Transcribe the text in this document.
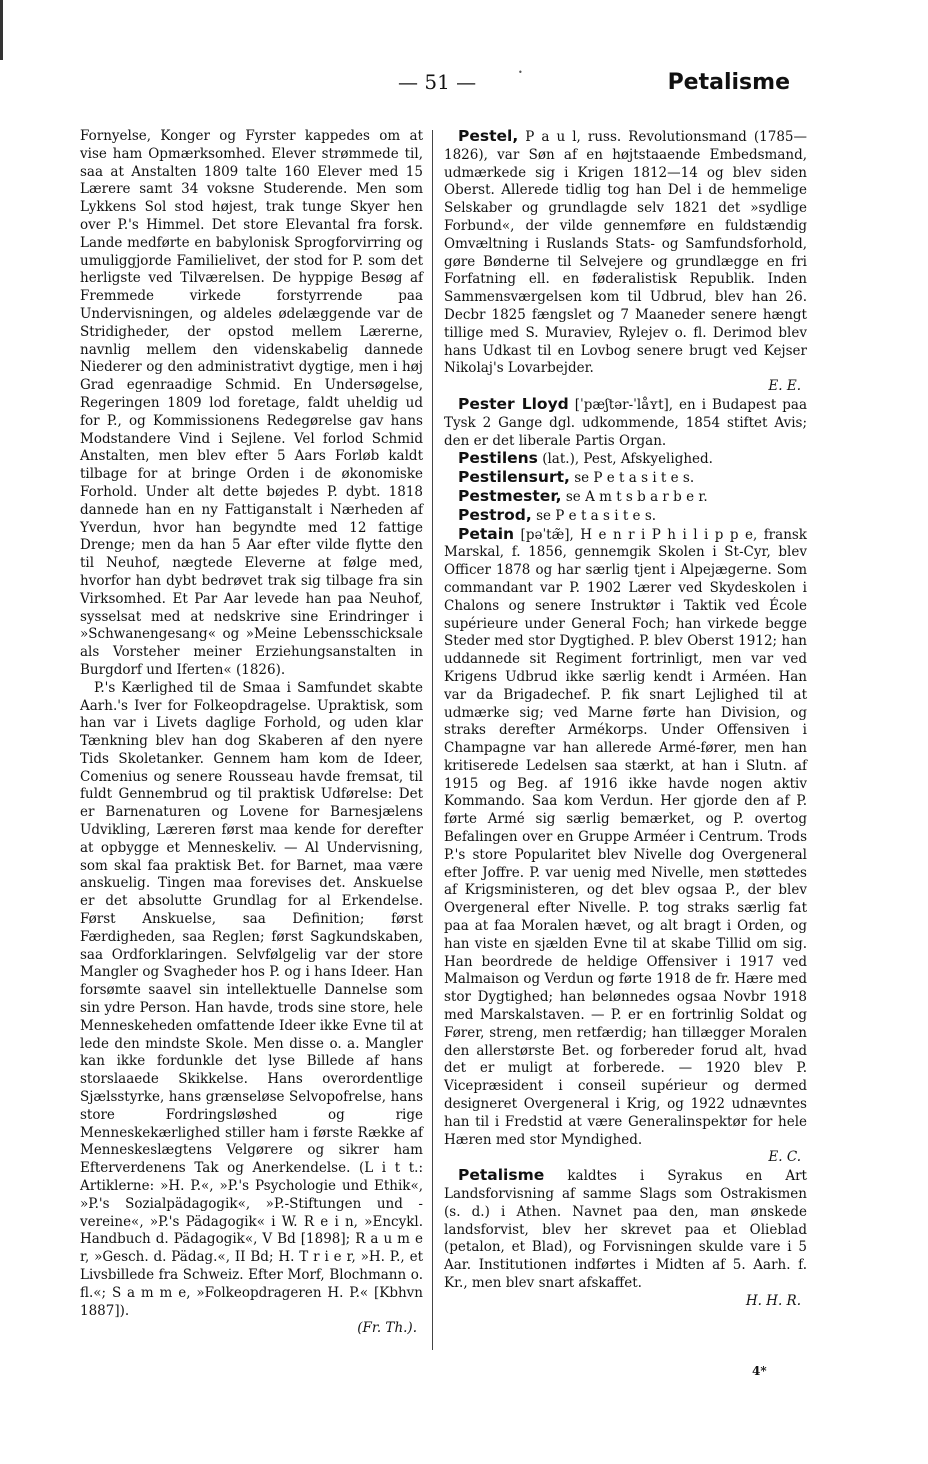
•
— 51 —	Petalisme

Fornyelse, Konger og Fyrster kappedes om at vise ham Opmærksomhed. Elever strømmede til, saa at Anstalten 1809 talte 160 Elever med 15 Lærere samt 34 voksne Studerende. Men som Lykkens Sol stod højest, trak tunge Skyer hen over P.'s Himmel. Det store Elevantal fra forsk. Lande medførte en babylonisk Sprogforvirring og umuliggjorde Familielivet, der stod for P. som det herligste ved Tilværelsen. De hyppige Besøg af Fremmede virkede forstyrrende paa Undervisningen, og aldeles ødelæggende var de Stridigheder, der opstod mellem Lærerne, navnlig mellem den videnskabelig dannede Niederer og den administrativt dygtige, men i høj Grad egenraadige Schmid. En Undersøgelse, Regeringen 1809 lod foretage, faldt uheldig ud for P., og Kommissionens Redegørelse gav hans Modstandere Vind i Sejlene. Vel forlod Schmid Anstalten, men blev efter 5 Aars Forløb kaldt tilbage for at bringe Orden i de økonomiske Forhold. Under alt dette bøjedes P. dybt. 1818 dannede han en ny Fattiganstalt i Nærheden af Yverdun, hvor han begyndte med 12 fattige Drenge; men da han 5 Aar efter vilde flytte den til Neuhof, nægtede Eleverne at følge med, hvorfor han dybt bedrøvet trak sig tilbage fra sin Virksomhed. Et Par Aar levede han paa Neuhof, sysselsat med at nedskrive sine Erindringer i »Schwanengesang« og »Meine Lebensschicksale als Vorsteher meiner Erziehungsanstalten in Burgdorf und Iferten« (1826).

P.'s Kærlighed til de Smaa i Samfundet skabte Aarh.'s Iver for Folkeopdragelse. Upraktisk, som han var i Livets daglige Forhold, og uden klar Tænkning blev han dog Skaberen af den nyere Tids Skoletanker. Gennem ham kom de Ideer, Comenius og senere Rousseau havde fremsat, til fuldt Gennembrud og til praktisk Udførelse: Det er Barnenaturen og Lovene for Barnesjælens Udvikling, Læreren først maa kende for derefter at opbygge et Menneskeliv. — Al Undervisning, som skal faa praktisk Bet. for Barnet, maa være anskuelig. Tingen maa forevises det. Anskuelse er det absolutte Grundlag for al Erkendelse. Først Anskuelse, saa Definition; først Færdigheden, saa Reglen; først Sagkundskaben, saa Ordforklaringen. Selvfølgelig var der store Mangler og Svagheder hos P. og i hans Ideer. Han forsømte saavel sin intellektuelle Dannelse som sin ydre Person. Han havde, trods sine store, hele Menneskeheden omfattende Ideer ikke Evne til at lede den mindste Skole. Men disse o. a. Mangler kan ikke fordunkle det lyse Billede af hans storslaaede Skikkelse. Hans overordentlige Sjælsstyrke, hans grænseløse Selvopofrelse, hans store Fordringsløshed og rige Menneskekærlighed stiller ham i første Række af Menneskeslægtens Velgørere og sikrer ham Efterverdenens Tak og Anerkendelse. (L i t t.: Artiklerne: »H. P.«, »P.'s Psychologie und Ethik«, »P.'s Sozialpädagogik«, »P.-Stiftungen und -vereine«, »P.'s Pädagogik« i W. R e i n, »Encykl. Handbuch d. Pädagogik«, V Bd [1898]; R a u m e r, »Gesch. d. Pädag.«, II Bd; H. T r i e r, »H. P., et Livsbillede fra Schweiz. Efter Morf, Blochmann o. fl.«; S a m m e, »Folkeopdrageren H. P.« [Kbhvn 1887]).

(Fr. Th.).

Pestel, P a u l, russ. Revolutionsmand (1785—1826), var Søn af en højtstaaende Embedsmand, udmærkede sig i Krigen 1812—14 og blev siden Oberst. Allerede tidlig tog han Del i de hemmelige Selskaber og grundlagde selv 1821 det »sydlige Forbund«, der vilde gennemføre en fuldstændig Omvæltning i Ruslands Stats- og Samfundsforhold, gøre Bønderne til Selvejere og grundlægge en fri Forfatning ell. en føderalistisk Republik. Inden Sammensværgelsen kom til Udbrud, blev han 26. Decbr 1825 fængslet og 7 Maaneder senere hængt tillige med S. Muraviev, Rylejev o. fl. Derimod blev hans Udkast til en Lovbog senere brugt ved Kejser Nikolaj's Lovarbejder.
E. E.

Pester Lloyd [ˈpæʃtər-ˈlåʏt], en i Budapest paa Tysk 2 Gange dgl. udkommende, 1854 stiftet Avis; den er det liberale Partis Organ.

Pestilens (lat.), Pest, Afskyelighed.

Pestilensurt, se P e t a s i t e s.

Pestmester, se A m t s b a r b e r.

Pestrod, se P e t a s i t e s.

Petain [pəˈtæ̃], H e n r i P h i l i p p e, fransk Marskal, f. 1856, gennemgik Skolen i St-Cyr, blev Officer 1878 og har særlig tjent i Alpejægerne. Som commandant var P. 1902 Lærer ved Skydeskolen i Chalons og senere Instruktør i Taktik ved École supérieure under General Foch; han virkede begge Steder med stor Dygtighed. P. blev Oberst 1912; han uddannede sit Regiment fortrinligt, men var ved Krigens Udbrud ikke særlig kendt i Arméen. Han var da Brigadechef. P. fik snart Lejlighed til at udmærke sig; ved Marne førte han Division, og straks derefter Armékorps. Under Offensiven i Champagne var han allerede Armé-fører, men han kritiserede Ledelsen saa stærkt, at han i Slutn. af 1915 og Beg. af 1916 ikke havde nogen aktiv Kommando. Saa kom Verdun. Her gjorde den af P. førte Armé sig særlig bemærket, og P. overtog Befalingen over en Gruppe Arméer i Centrum. Trods P.'s store Popularitet blev Nivelle dog Overgeneral efter Joffre. P. var uenig med Nivelle, men støttedes af Krigsministeren, og det blev ogsaa P., der blev Overgeneral efter Nivelle. P. tog straks særlig fat paa at faa Moralen hævet, og alt bragt i Orden, og han viste en sjælden Evne til at skabe Tillid om sig. Han beordrede de heldige Offensiver i 1917 ved Malmaison og Verdun og førte 1918 de fr. Hære med stor Dygtighed; han belønnedes ogsaa Novbr 1918 med Marskalstaven. — P. er en fortrinlig Soldat og Fører, streng, men retfærdig; han tillægger Moralen den allerstørste Bet. og forbereder forud alt, hvad det er muligt at forberede. — 1920 blev P. Vicepræsident i conseil supérieur og dermed designeret Overgeneral i Krig, og 1922 udnævntes han til i Fredstid at være Generalinspektør for hele Hæren med stor Myndighed.
E. C.

Petalisme kaldtes i Syrakus en Art Landsforvisning af samme Slags som Ostrakismen (s. d.) i Athen. Navnet paa den, man ønskede landsforvist, blev her skrevet paa et Olieblad (petalon, et Blad), og Forvisningen skulde vare i 5 Aar. Institutionen indførtes i Midten af 5. Aarh. f. Kr., men blev snart afskaffet.
H. H. R.

4*
